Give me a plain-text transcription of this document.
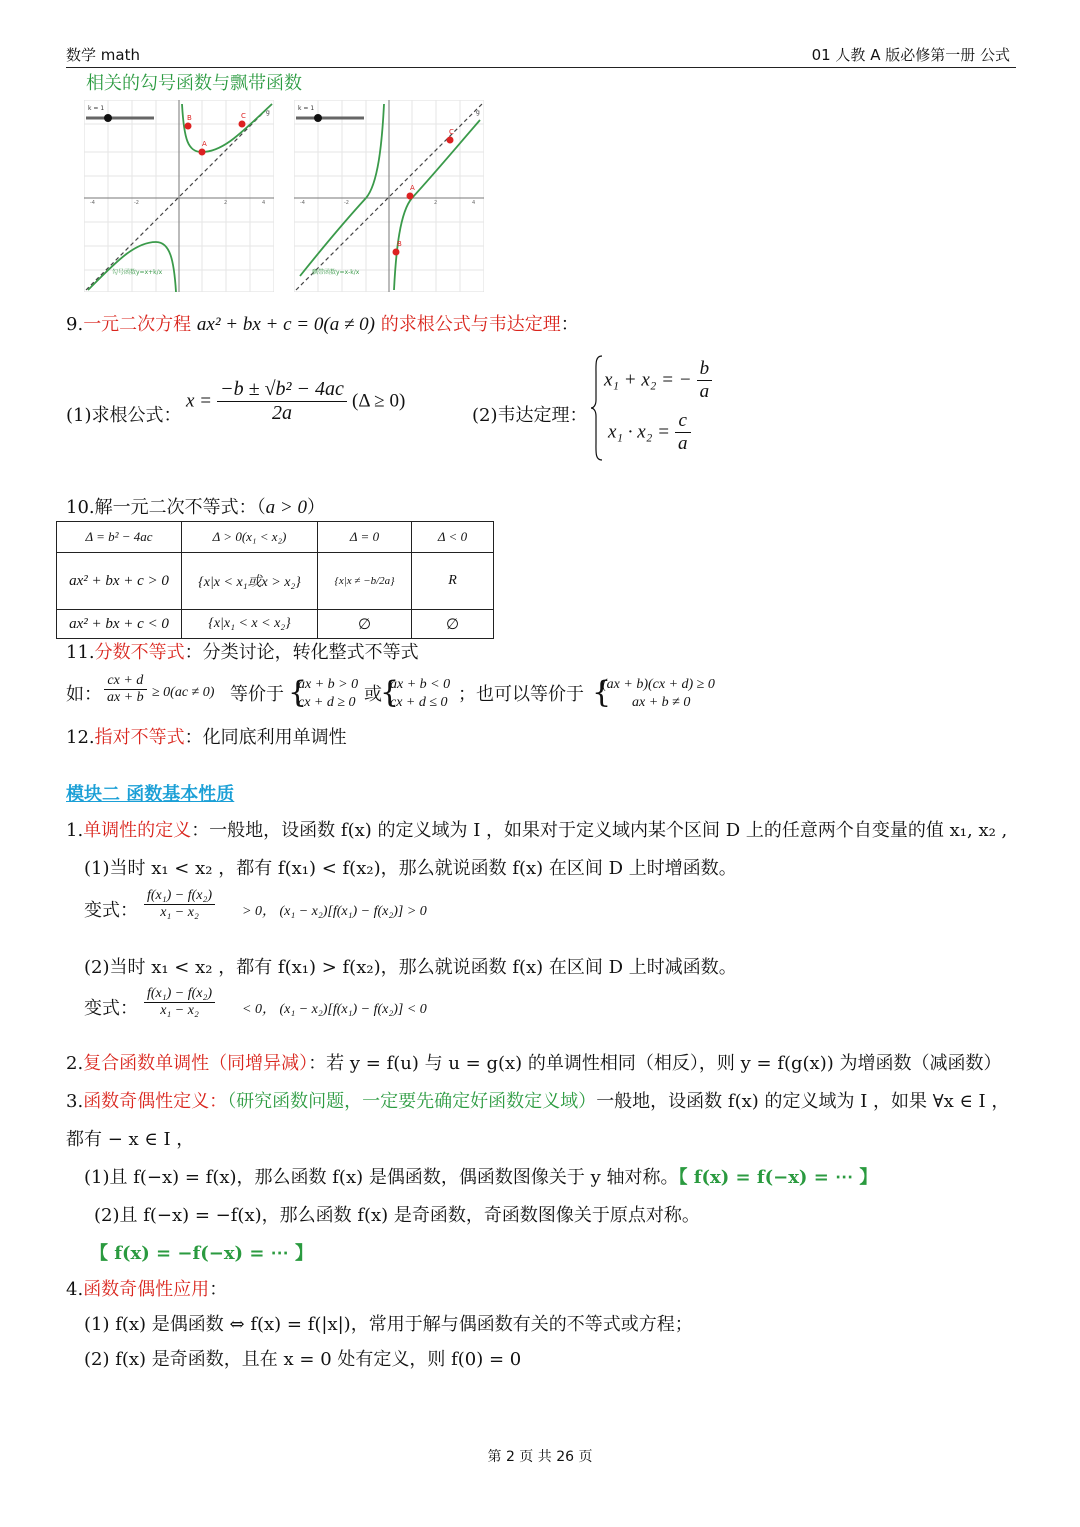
数学 math	01 人教 A 版必修第一册 公式
相关的勾号函数与飘带函数
A
B	C
k = 1
g
-4	-2	2	4
勾号函数y=x+k/x
A
B
C
k = 1
g
-4	-2	2	4
飘带函数y=x-k/x
9.一元二次方程 ax² + bx + c = 0(a ≠ 0) 的求根公式与韦达定理：
(1)求根公式：
$x = \frac{\text{−b ± √b² − 4ac}}{2a} (\Delta \ge 0)$
(2)韦达定理：
x₁ + x₂ = − $\frac{b}{a}$
$x_1 \cdot x_2 = \frac{c}{a}$
10.解一元二次不等式：（a > 0）
Δ = b² − 4ac	Δ > 0(x₁ < x₂)	Δ = 0	Δ < 0
ax² + bx + c > 0	{x|x < x₁或x > x₂}	{x|x ≠ −b/2a}	R
ax² + bx + c < 0	{x|x₁ < x < x₂}	∅	∅
11.分数不等式：分类讨论，转化整式不等式
如： $\frac{cx + d}{ax + b} \ge 0(ac \ne 0)$ 等价于 {
ax + b > 0
cx + d ≥ 0 或
{
ax + b < 0
cx + d ≤ 0 ；也可以等价于 {
(ax + b)(cx + d) ≥ 0
ax + b ≠ 0
12.指对不等式：化同底利用单调性
模块二 函数基本性质
1.单调性的定义：一般地，设函数 f(x) 的定义域为 I ，如果对于定义域内某个区间 D 上的任意两个自变量的值 x₁, x₂ ,
(1)当时 x₁ < x₂ ，都有 f(x₁) < f(x₂)，那么就说函数 f(x) 在区间 D 上时增函数。
变式： $\frac{\text{f(x₁) − f(x₂)}}{\text{x₁ − x₂}} > 0$， (x₁ − x₂)[f(x₁) − f(x₂)] > 0
(2)当时 x₁ < x₂ ，都有 f(x₁) > f(x₂)，那么就说函数 f(x) 在区间 D 上时减函数。
变式： $\frac{\text{f(x₁) − f(x₂)}}{\text{x₁ − x₂}} < 0$， (x₁ − x₂)[f(x₁) − f(x₂)] < 0
2.复合函数单调性（同增异减）：若 y = f(u) 与 u = g(x) 的单调性相同（相反），则 y = f(g(x)) 为增函数（减函数）
3.函数奇偶性定义：（研究函数问题，一定要先确定好函数定义域）一般地，设函数 f(x) 的定义域为 I ，如果 ∀x ∈ I ，
都有 − x ∈ I ，
(1)且 f(−x) = f(x)，那么函数 f(x) 是偶函数，偶函数图像关于 y 轴对称。【 f(x) = f(−x) = ⋯ 】
(2)且 f(−x) = −f(x)，那么函数 f(x) 是奇函数，奇函数图像关于原点对称。
【 f(x) = −f(−x) = ⋯ 】
4.函数奇偶性应用：
(1) f(x) 是偶函数 ⇔ f(x) = f(|x|)，常用于解与偶函数有关的不等式或方程；
(2) f(x) 是奇函数，且在 x = 0 处有定义，则 f(0) = 0
第 2 页 共 26 页
